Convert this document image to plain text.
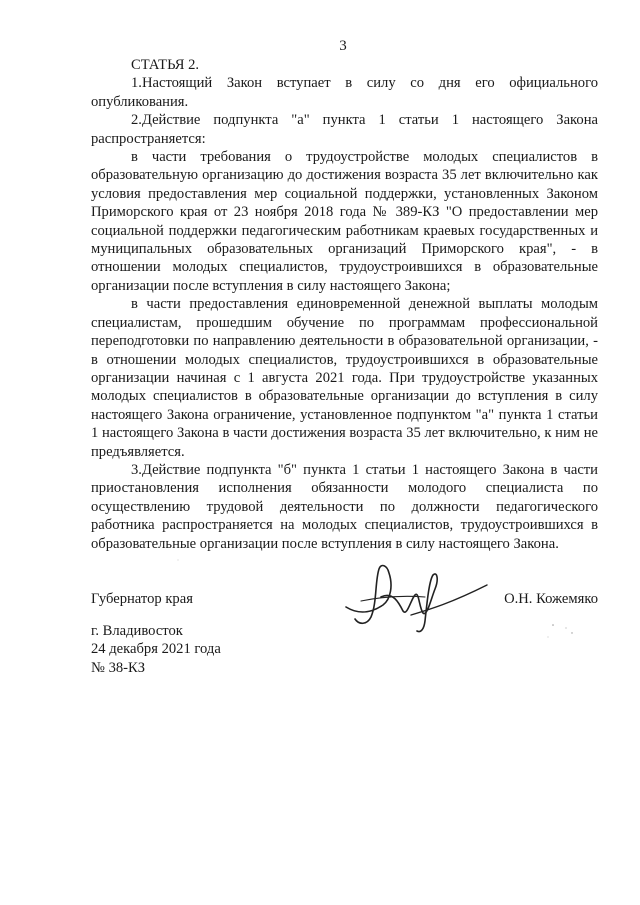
3

СТАТЬЯ 2.

1.Настоящий Закон вступает в силу со дня его официального опубликования.

2.Действие подпункта "а" пункта 1 статьи 1 настоящего Закона распространяется:

в части требования о трудоустройстве молодых специалистов в образовательную организацию до достижения возраста 35 лет включительно как условия предоставления мер социальной поддержки, установленных Законом Приморского края от 23 ноября 2018 года № 389-КЗ "О предоставлении мер социальной поддержки педагогическим работникам краевых государственных и муниципальных образовательных организаций Приморского края", - в отношении молодых специалистов, трудоустроившихся в образовательные организации после вступления в силу настоящего Закона;

в части предоставления единовременной денежной выплаты молодым специалистам, прошедшим обучение по программам профессиональной переподготовки по направлению деятельности в образовательной организации, - в отношении молодых специалистов, трудоустроившихся в образовательные организации начиная с 1 августа 2021 года. При трудоустройстве указанных молодых специалистов в образовательные организации до вступления в силу настоящего Закона ограничение, установленное подпунктом "а" пункта 1 статьи 1 настоящего Закона в части достижения возраста 35 лет включительно, к ним не предъявляется.

3.Действие подпункта "б" пункта 1 статьи 1 настоящего Закона в части приостановления исполнения обязанности молодого специалиста по осуществлению трудовой деятельности по должности педагогического работника распространяется на молодых специалистов, трудоустроившихся в образовательные организации после вступления в силу настоящего Закона.

Губернатор края	О.Н. Кожемяко
г. Владивосток
24 декабря 2021 года
№ 38-КЗ
